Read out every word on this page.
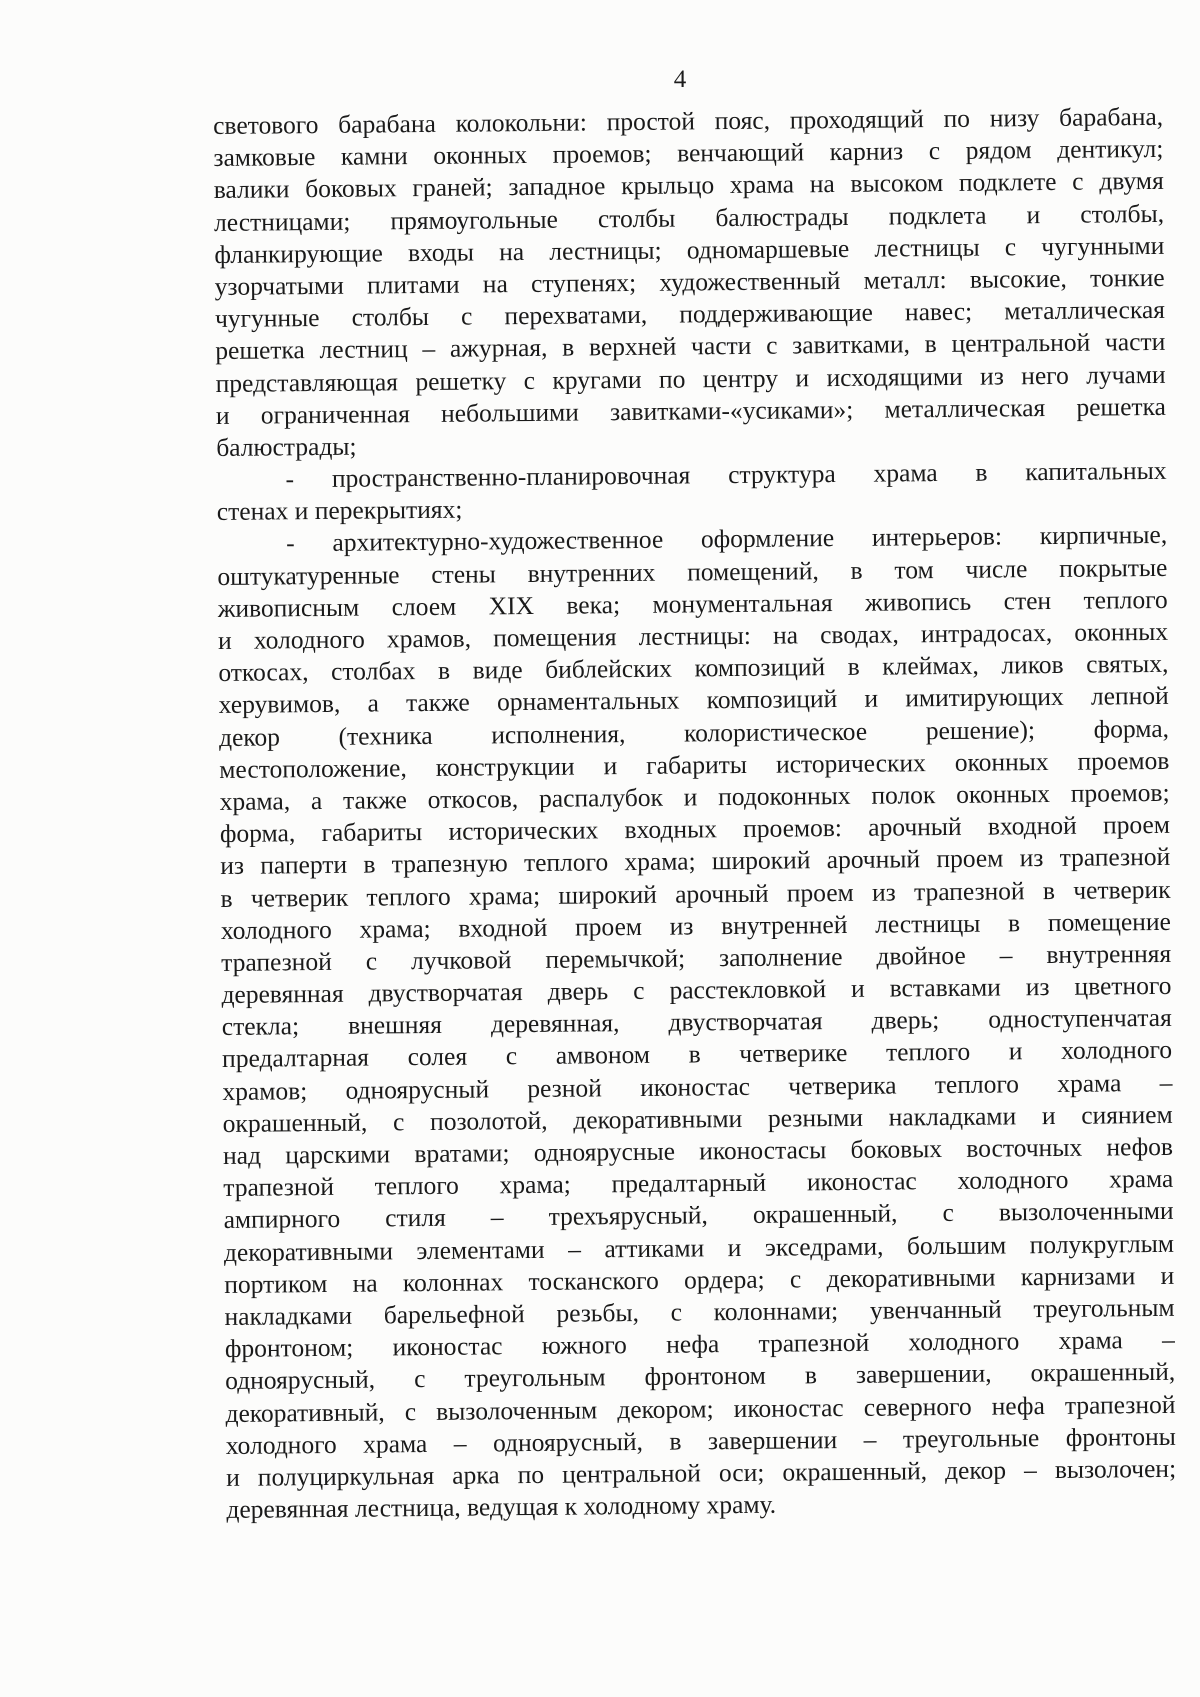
4
светового барабана колокольни: простой пояс, проходящий по низу барабана,
замковые камни оконных проемов; венчающий карниз с рядом дентикул;
валики боковых граней; западное крыльцо храма на высоком подклете с двумя
лестницами; прямоугольные столбы балюстрады подклета и столбы,
фланкирующие входы на лестницы; одномаршевые лестницы с чугунными
узорчатыми плитами на ступенях; художественный металл: высокие, тонкие
чугунные столбы с перехватами, поддерживающие навес; металлическая
решетка лестниц – ажурная, в верхней части с завитками, в центральной части
представляющая решетку с кругами по центру и исходящими из него лучами
и ограниченная небольшими завитками-«усиками»; металлическая решетка
балюстрады;
- пространственно-планировочная структура храма в капитальных
стенах и перекрытиях;
- архитектурно-художественное оформление интерьеров: кирпичные,
оштукатуренные стены внутренних помещений, в том числе покрытые
живописным слоем XIX века; монументальная живопись стен теплого
и холодного храмов, помещения лестницы: на сводах, интрадосах, оконных
откосах, столбах в виде библейских композиций в клеймах, ликов святых,
херувимов, а также орнаментальных композиций и имитирующих лепной
декор (техника исполнения, колористическое решение); форма,
местоположение, конструкции и габариты исторических оконных проемов
храма, а также откосов, распалубок и подоконных полок оконных проемов;
форма, габариты исторических входных проемов: арочный входной проем
из паперти в трапезную теплого храма; широкий арочный проем из трапезной
в четверик теплого храма; широкий арочный проем из трапезной в четверик
холодного храма; входной проем из внутренней лестницы в помещение
трапезной с лучковой перемычкой; заполнение двойное – внутренняя
деревянная двустворчатая дверь с расстекловкой и вставками из цветного
стекла; внешняя деревянная, двустворчатая дверь; одноступенчатая
предалтарная солея с амвоном в четверике теплого и холодного
храмов; одноярусный резной иконостас четверика теплого храма –
окрашенный, с позолотой, декоративными резными накладками и сиянием
над царскими вратами; одноярусные иконостасы боковых восточных нефов
трапезной теплого храма; предалтарный иконостас холодного храма
ампирного стиля – трехъярусный, окрашенный, с вызолоченными
декоративными элементами – аттиками и экседрами, большим полукруглым
портиком на колоннах тосканского ордера; с декоративными карнизами и
накладками барельефной резьбы, с колоннами; увенчанный треугольным
фронтоном; иконостас южного нефа трапезной холодного храма –
одноярусный, с треугольным фронтоном в завершении, окрашенный,
декоративный, с вызолоченным декором; иконостас северного нефа трапезной
холодного храма – одноярусный, в завершении – треугольные фронтоны
и полуциркульная арка по центральной оси; окрашенный, декор – вызолочен;
деревянная лестница, ведущая к холодному храму.
